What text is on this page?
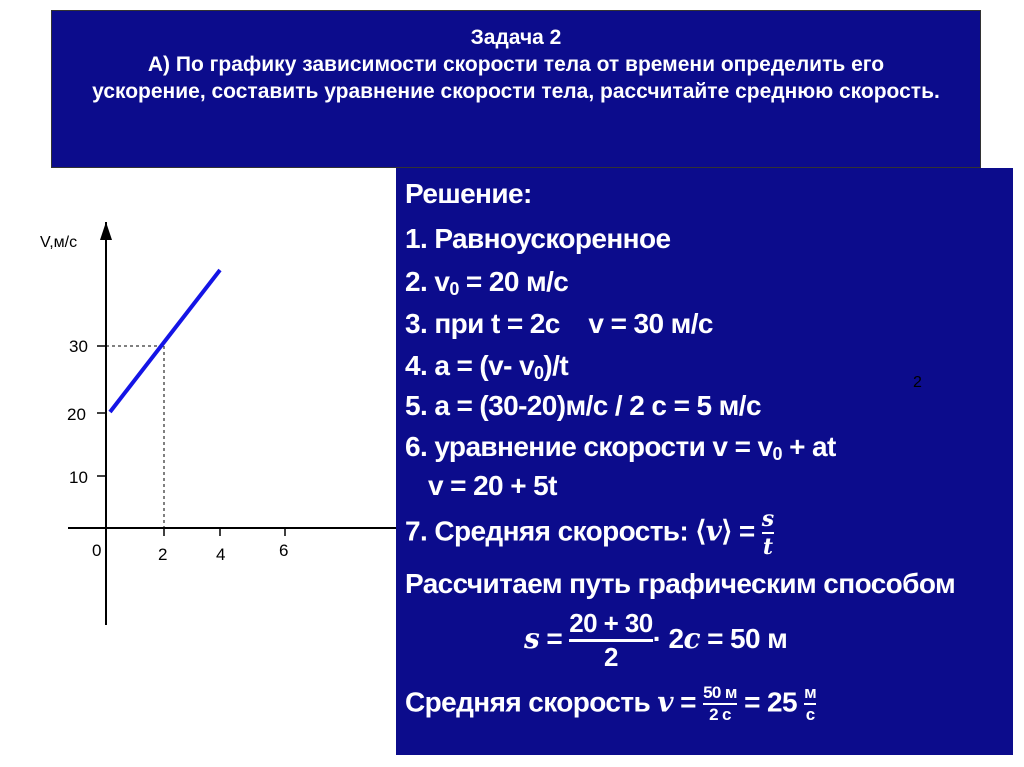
Задача 2
А) По графику зависимости скорости тела от времени определить его ускорение, составить уравнение скорости тела, рассчитайте среднюю скорость.
V,м/с
30
20
10
0	2	4	6
Решение:
1. Равноускоренное
2. $v_0 = 20$ м/с
3. при t = 2с    v = 30 м/с
4. a = (v- $v_0)/t$
5. a = (30-20)м/с / 2 с = 5 м/с
6. уравнение скорости $v = v_0$ + at
v = 20 + 5t
7. Средняя скорость: ⟨v⟩ = $\frac{s}{t}$
Рассчитаем путь графическим способом
$s = \frac{20 + 30}{2} \cdot 2c = 50$ м
Средняя скорость $v = \frac{50 м}{2 с} = 25 \frac{м}{с}$
2
